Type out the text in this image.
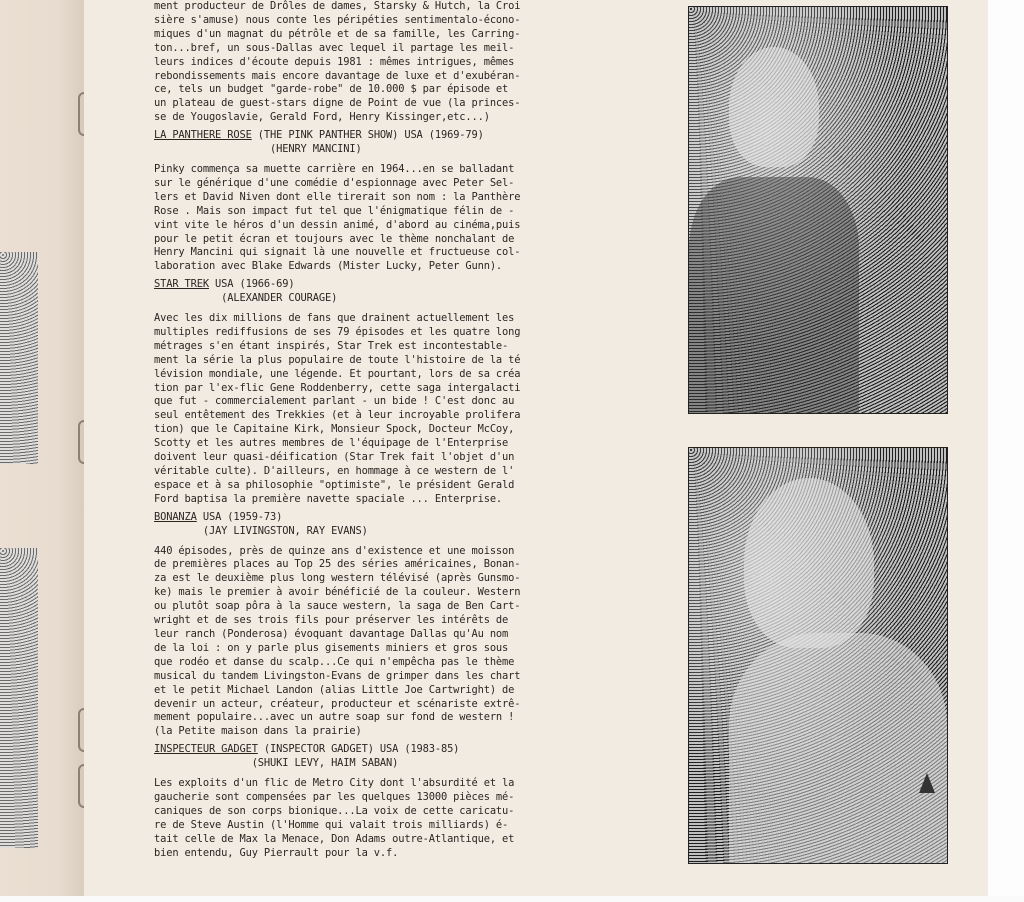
ment producteur de Drôles de dames, Starsky & Hutch, la Croi
sière s'amuse) nous conte les péripéties sentimentalo-écono-
miques d'un magnat du pétrôle et de sa famille, les Carring-
ton...bref, un sous-Dallas avec lequel il partage les meil-
leurs indices d'écoute depuis 1981 : mêmes intrigues, mêmes
rebondissements mais encore davantage de luxe et d'exubéran-
ce, tels un budget "garde-robe" de 10.000 $ par épisode et
un plateau de guest-stars digne de Point de vue (la princes-
se de Yougoslavie, Gerald Ford, Henry Kissinger,etc...)

LA PANTHERE ROSE (THE PINK PANTHER SHOW) USA (1969-79)
(HENRY MANCINI)

Pinky commença sa muette carrière en 1964...en se balladant
sur le générique d'une comédie d'espionnage avec Peter Sel-
lers et David Niven dont elle tirerait son nom : la Panthère
Rose . Mais son impact fut tel que l'énigmatique félin de -
vint vite le héros d'un dessin animé, d'abord au cinéma,puis
pour le petit écran et toujours avec le thème nonchalant de
Henry Mancini qui signait là une nouvelle et fructueuse col-
laboration avec Blake Edwards (Mister Lucky, Peter Gunn).

STAR TREK USA (1966-69)
(ALEXANDER COURAGE)

Avec les dix millions de fans que drainent actuellement les
multiples rediffusions de ses 79 épisodes et les quatre long
métrages s'en étant inspirés, Star Trek est incontestable-
ment la série la plus populaire de toute l'histoire de la té
lévision mondiale, une légende. Et pourtant, lors de sa créa
tion par l'ex-flic Gene Roddenberry, cette saga intergalacti
que fut - commercialement parlant - un bide ! C'est donc au
seul entêtement des Trekkies (et à leur incroyable prolifera
tion) que le Capitaine Kirk, Monsieur Spock, Docteur McCoy,
Scotty et les autres membres de l'équipage de l'Enterprise
doivent leur quasi-déification (Star Trek fait l'objet d'un
véritable culte). D'ailleurs, en hommage à ce western de l'
espace et à sa philosophie "optimiste", le président Gerald
Ford baptisa la première navette spaciale ... Enterprise.

BONANZA USA (1959-73)
(JAY LIVINGSTON, RAY EVANS)

440 épisodes, près de quinze ans d'existence et une moisson
de premières places au Top 25 des séries américaines, Bonan-
za est le deuxième plus long western télévisé (après Gunsmo-
ke) mais le premier à avoir bénéficié de la couleur. Western
ou plutôt soap pôra à la sauce western, la saga de Ben Cart-
wright et de ses trois fils pour préserver les intérêts de
leur ranch (Ponderosa) évoquant davantage Dallas qu'Au nom
de la loi : on y parle plus gisements miniers et gros sous
que rodéo et danse du scalp...Ce qui n'empêcha pas le thème
musical du tandem Livingston-Evans de grimper dans les chart
et le petit Michael Landon (alias Little Joe Cartwright) de
devenir un acteur, créateur, producteur et scénariste extrê-
mement populaire...avec un autre soap sur fond de western !
(la Petite maison dans la prairie)

INSPECTEUR GADGET (INSPECTOR GADGET) USA (1983-85)
(SHUKI LEVY, HAIM SABAN)

Les exploits d'un flic de Metro City dont l'absurdité et la
gaucherie sont compensées par les quelques 13000 pièces mé-
caniques de son corps bionique...La voix de cette caricatu-
re de Steve Austin (l'Homme qui valait trois milliards) é-
tait celle de Max la Menace, Don Adams outre-Atlantique, et
bien entendu, Guy Pierrault pour la v.f.
